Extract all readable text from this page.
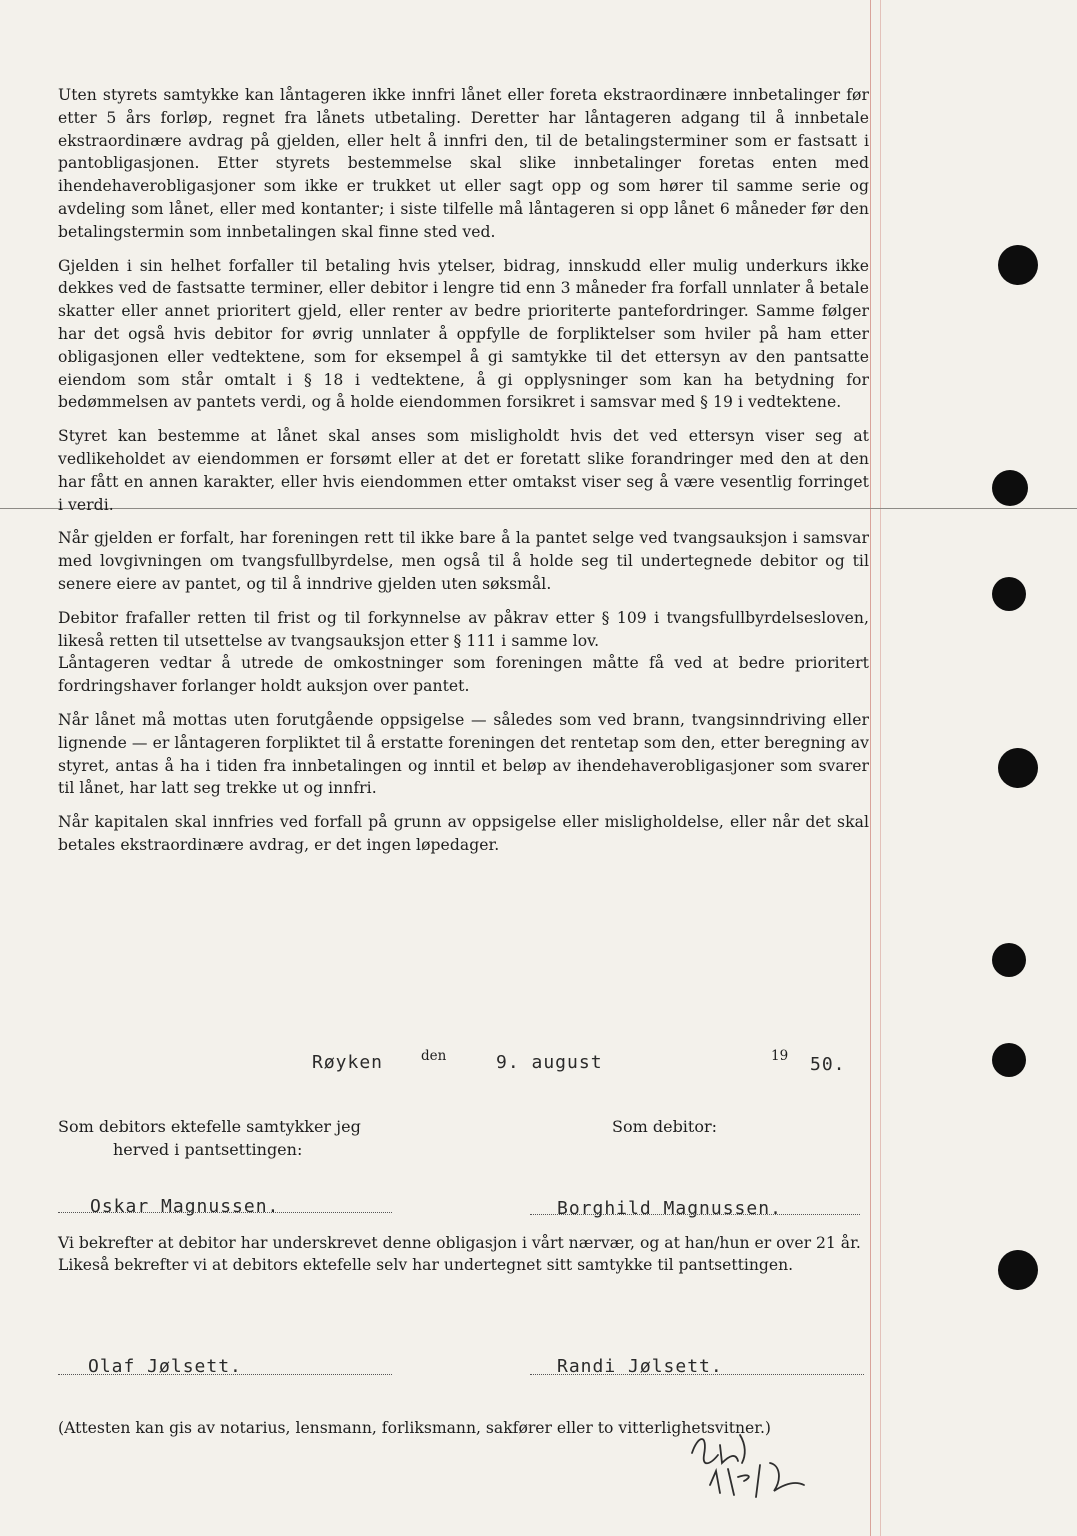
Uten styrets samtykke kan låntageren ikke innfri lånet eller foreta ekstraordinære innbetalinger før etter 5 års forløp, regnet fra lånets utbetaling. Deretter har låntageren adgang til å innbetale ekstraordinære avdrag på gjelden, eller helt å innfri den, til de betalingsterminer som er fastsatt i pantobligasjonen. Etter styrets bestemmelse skal slike innbetalinger foretas enten med ihendehaverobligasjoner som ikke er trukket ut eller sagt opp og som hører til samme serie og avdeling som lånet, eller med kontanter; i siste tilfelle må låntageren si opp lånet 6 måneder før den betalingstermin som innbetalingen skal finne sted ved.

Gjelden i sin helhet forfaller til betaling hvis ytelser, bidrag, innskudd eller mulig underkurs ikke dekkes ved de fastsatte terminer, eller debitor i lengre tid enn 3 måneder fra forfall unnlater å betale skatter eller annet prioritert gjeld, eller renter av bedre prioriterte pantefordringer. Samme følger har det også hvis debitor for øvrig unnlater å oppfylle de forpliktelser som hviler på ham etter obligasjonen eller vedtektene, som for eksempel å gi samtykke til det ettersyn av den pantsatte eiendom som står omtalt i § 18 i vedtektene, å gi opplysninger som kan ha betydning for bedømmelsen av pantets verdi, og å holde eiendommen forsikret i samsvar med § 19 i vedtektene.

Styret kan bestemme at lånet skal anses som misligholdt hvis det ved ettersyn viser seg at vedlikeholdet av eiendommen er forsømt eller at det er foretatt slike forandringer med den at den har fått en annen karakter, eller hvis eiendommen etter omtakst viser seg å være vesentlig forringet i verdi.

Når gjelden er forfalt, har foreningen rett til ikke bare å la pantet selge ved tvangsauksjon i samsvar med lovgivningen om tvangsfullbyrdelse, men også til å holde seg til undertegnede debitor og til senere eiere av pantet, og til å inndrive gjelden uten søksmål.

Debitor frafaller retten til frist og til forkynnelse av påkrav etter § 109 i tvangsfullbyrdelsesloven, likeså retten til utsettelse av tvangsauksjon etter § 111 i samme lov.

Låntageren vedtar å utrede de omkostninger som foreningen måtte få ved at bedre prioritert fordringshaver forlanger holdt auksjon over pantet.

Når lånet må mottas uten forutgående oppsigelse — således som ved brann, tvangsinndriving eller lignende — er låntageren forpliktet til å erstatte foreningen det rentetap som den, etter beregning av styret, antas å ha i tiden fra innbetalingen og inntil et beløp av ihendehaverobligasjoner som svarer til lånet, har latt seg trekke ut og innfri.

Når kapitalen skal innfries ved forfall på grunn av oppsigelse eller misligholdelse, eller når det skal betales ekstraordinære avdrag, er det ingen løpedager.

Røyken	den	9. august	19 50.
Som debitors ektefelle samtykker jeg
herved i pantsettingen:
Som debitor:
Oskar Magnussen.	Borghild Magnussen.
Vi bekrefter at debitor har underskrevet denne obligasjon i vårt nærvær, og at han/hun er over 21 år.
Likeså bekrefter vi at debitors ektefelle selv har undertegnet sitt samtykke til pantsettingen.
Olaf Jølsett.	Randi Jølsett.
(Attesten kan gis av notarius, lensmann, forliksmann, sakfører eller to vitterlighetsvitner.)
